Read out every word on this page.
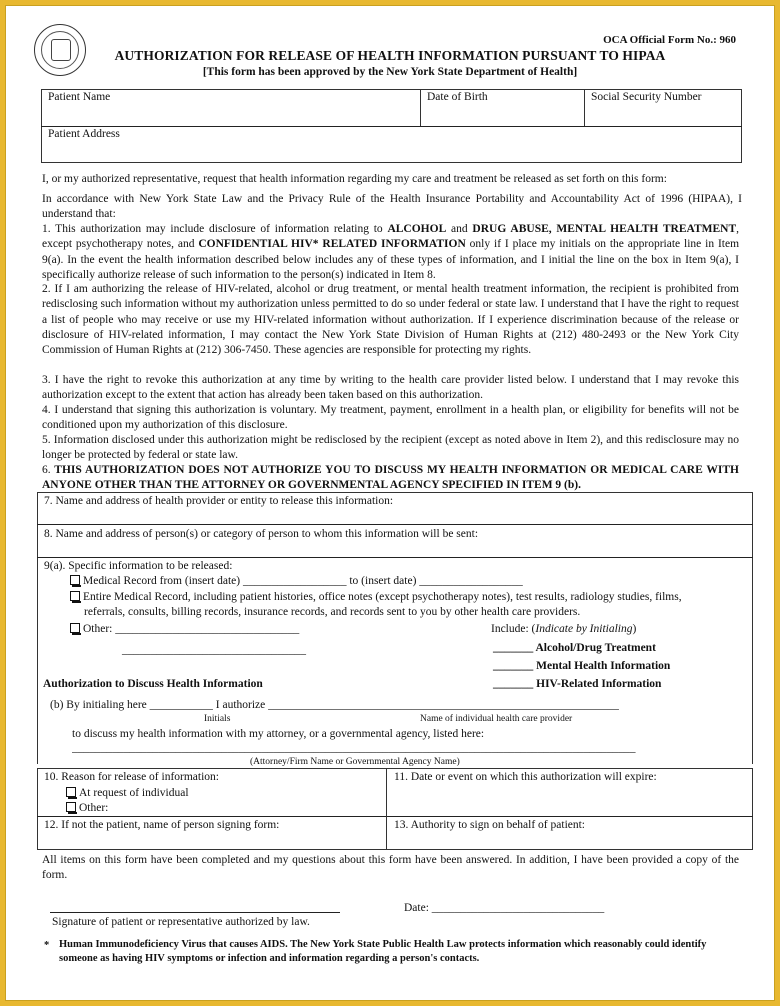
OCA Official Form No.: 960
AUTHORIZATION FOR RELEASE OF HEALTH INFORMATION PURSUANT TO HIPAA
[This form has been approved by the New York State Department of Health]
Patient Name	Date of Birth	Social Security Number
Patient Address
I, or my authorized representative, request that health information regarding my care and treatment be released as set forth on this form:
In accordance with New York State Law and the Privacy Rule of the Health Insurance Portability and Accountability Act of 1996 (HIPAA), I understand that:
1. This authorization may include disclosure of information relating to ALCOHOL and DRUG ABUSE, MENTAL HEALTH TREATMENT, except psychotherapy notes, and CONFIDENTIAL HIV* RELATED INFORMATION only if I place my initials on the appropriate line in Item 9(a). In the event the health information described below includes any of these types of information, and I initial the line on the box in Item 9(a), I specifically authorize release of such information to the person(s) indicated in Item 8.
2. If I am authorizing the release of HIV-related, alcohol or drug treatment, or mental health treatment information, the recipient is prohibited from redisclosing such information without my authorization unless permitted to do so under federal or state law. I understand that I have the right to request a list of people who may receive or use my HIV-related information without authorization. If I experience discrimination because of the release or disclosure of HIV-related information, I may contact the New York State Division of Human Rights at (212) 480-2493 or the New York City Commission of Human Rights at (212) 306-7450. These agencies are responsible for protecting my rights.
3. I have the right to revoke this authorization at any time by writing to the health care provider listed below. I understand that I may revoke this authorization except to the extent that action has already been taken based on this authorization.
4. I understand that signing this authorization is voluntary. My treatment, payment, enrollment in a health plan, or eligibility for benefits will not be conditioned upon my authorization of this disclosure.
5. Information disclosed under this authorization might be redisclosed by the recipient (except as noted above in Item 2), and this redisclosure may no longer be protected by federal or state law.
6. THIS AUTHORIZATION DOES NOT AUTHORIZE YOU TO DISCUSS MY HEALTH INFORMATION OR MEDICAL CARE WITH ANYONE OTHER THAN THE ATTORNEY OR GOVERNMENTAL AGENCY SPECIFIED IN ITEM 9 (b).
7. Name and address of health provider or entity to release this information:
8. Name and address of person(s) or category of person to whom this information will be sent:
9(a). Specific information to be released:
Medical Record from (insert date) __________________ to (insert date) __________________
Entire Medical Record, including patient histories, office notes (except psychotherapy notes), test results, radiology studies, films,
referrals, consults, billing records, insurance records, and records sent to you by other health care providers.
Other: ________________________________
________________________________
Include: (Indicate by Initialing)
_______ Alcohol/Drug Treatment
_______ Mental Health Information
_______ HIV-Related Information
Authorization to Discuss Health Information
(b) By initialing here ___________ I authorize _____________________________________________________________
Initials	Name of individual health care provider
to discuss my health information with my attorney, or a governmental agency, listed here:
__________________________________________________________________________________________________
(Attorney/Firm Name or Governmental Agency Name)
10. Reason for release of information:
At request of individual
Other:
11. Date or event on which this authorization will expire:
12. If not the patient, name of person signing form:	13. Authority to sign on behalf of patient:
All items on this form have been completed and my questions about this form have been answered. In addition, I have been provided a copy of the form.
Signature of patient or representative authorized by law.
Date: ______________________________
* Human Immunodeficiency Virus that causes AIDS. The New York State Public Health Law protects information which reasonably could identify someone as having HIV symptoms or infection and information regarding a person's contacts.
